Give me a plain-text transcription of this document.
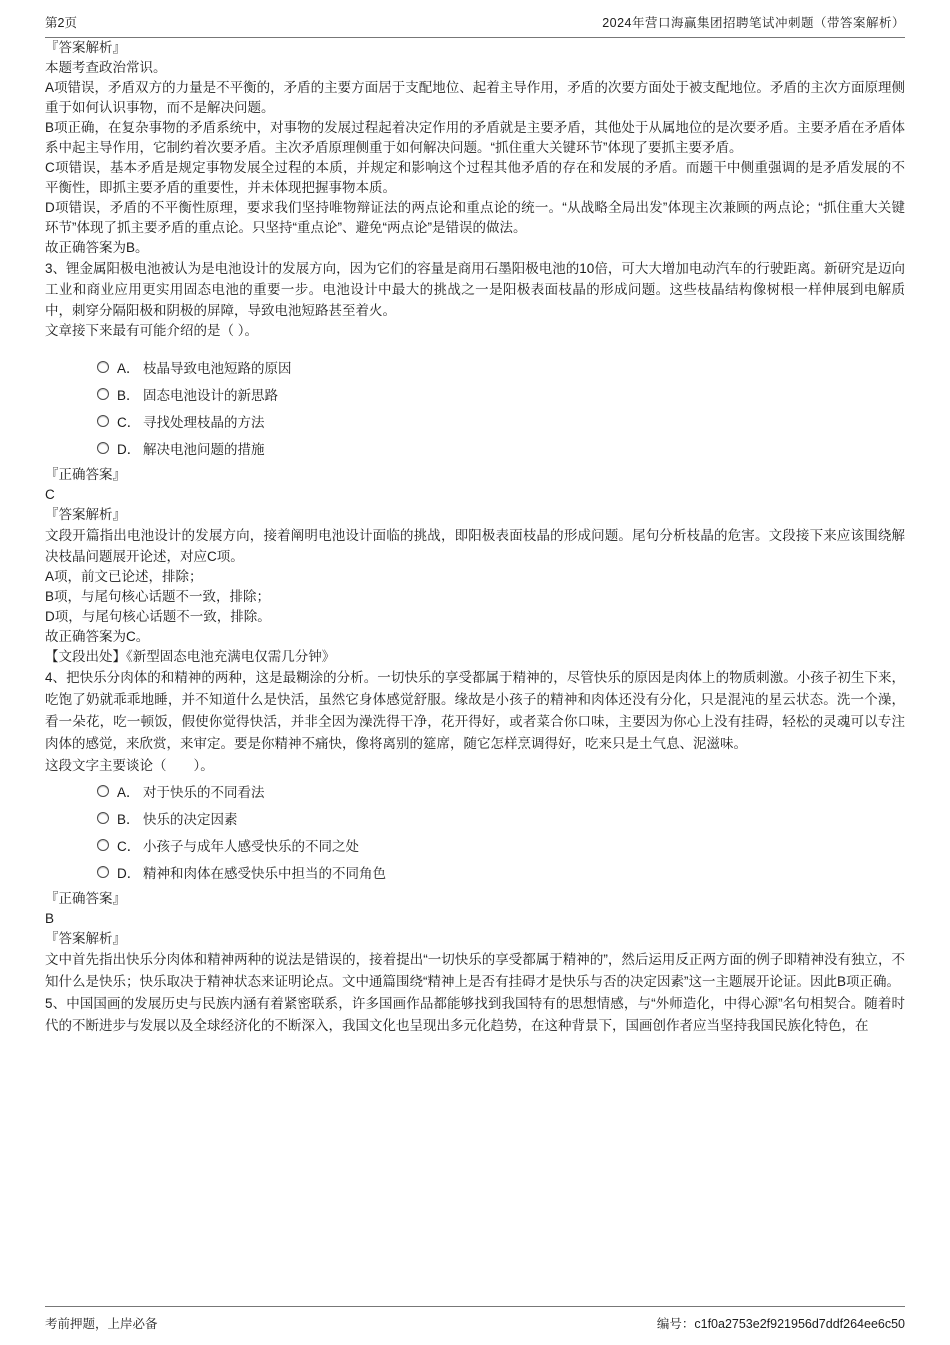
第2页	2024年营口海赢集团招聘笔试冲刺题（带答案解析）

『答案解析』

本题考查政治常识。

A项错误，矛盾双方的力量是不平衡的，矛盾的主要方面居于支配地位、起着主导作用，矛盾的次要方面处于被支配地位。矛盾的主次方面原理侧重于如何认识事物，而不是解决问题。

B项正确，在复杂事物的矛盾系统中，对事物的发展过程起着决定作用的矛盾就是主要矛盾，其他处于从属地位的是次要矛盾。主要矛盾在矛盾体系中起主导作用，它制约着次要矛盾。主次矛盾原理侧重于如何解决问题。“抓住重大关键环节”体现了要抓主要矛盾。

C项错误，基本矛盾是规定事物发展全过程的本质，并规定和影响这个过程其他矛盾的存在和发展的矛盾。而题干中侧重强调的是矛盾发展的不平衡性，即抓主要矛盾的重要性，并未体现把握事物本质。

D项错误，矛盾的不平衡性原理，要求我们坚持唯物辩证法的两点论和重点论的统一。“从战略全局出发”体现主次兼顾的两点论；“抓住重大关键环节”体现了抓主要矛盾的重点论。只坚持“重点论”、避免“两点论”是错误的做法。

故正确答案为B。

3、锂金属阳极电池被认为是电池设计的发展方向，因为它们的容量是商用石墨阳极电池的10倍，可大大增加电动汽车的行驶距离。新研究是迈向工业和商业应用更实用固态电池的重要一步。电池设计中最大的挑战之一是阳极表面枝晶的形成问题。这些枝晶结构像树根一样伸展到电解质中，刺穿分隔阳极和阴极的屏障，导致电池短路甚至着火。

文章接下来最有可能介绍的是（ ）。

A． 枝晶导致电池短路的原因
B． 固态电池设计的新思路
C． 寻找处理枝晶的方法
D． 解决电池问题的措施
『正确答案』
C
『答案解析』

文段开篇指出电池设计的发展方向，接着阐明电池设计面临的挑战，即阳极表面枝晶的形成问题。尾句分析枝晶的危害。文段接下来应该围绕解决枝晶问题展开论述，对应C项。

A项，前文已论述，排除；

B项，与尾句核心话题不一致，排除；

D项，与尾句核心话题不一致，排除。

故正确答案为C。

【文段出处】《新型固态电池充满电仅需几分钟》

4、把快乐分肉体的和精神的两种，这是最糊涂的分析。一切快乐的享受都属于精神的，尽管快乐的原因是肉体上的物质刺激。小孩子初生下来，吃饱了奶就乖乖地睡，并不知道什么是快活，虽然它身体感觉舒服。缘故是小孩子的精神和肉体还没有分化，只是混沌的星云状态。洗一个澡，看一朵花，吃一顿饭，假使你觉得快活，并非全因为澡洗得干净，花开得好，或者菜合你口味，主要因为你心上没有挂碍，轻松的灵魂可以专注肉体的感觉，来欣赏，来审定。要是你精神不痛快，像将离别的筵席，随它怎样烹调得好，吃来只是土气息、泥滋味。

这段文字主要谈论（　　）。

A． 对于快乐的不同看法
B． 快乐的决定因素
C． 小孩子与成年人感受快乐的不同之处
D． 精神和肉体在感受快乐中担当的不同角色
『正确答案』
B
『答案解析』

文中首先指出快乐分肉体和精神两种的说法是错误的，接着提出“一切快乐的享受都属于精神的”，然后运用反正两方面的例子即精神没有独立，不知什么是快乐；快乐取决于精神状态来证明论点。文中通篇围绕“精神上是否有挂碍才是快乐与否的决定因素”这一主题展开论证。因此B项正确。

5、中国国画的发展历史与民族内涵有着紧密联系，许多国画作品都能够找到我国特有的思想情感，与“外师造化，中得心源”名句相契合。随着时代的不断进步与发展以及全球经济化的不断深入，我国文化也呈现出多元化趋势，在这种背景下，国画创作者应当坚持我国民族化特色，在

考前押题，上岸必备	编号：c1f0a2753e2f921956d7ddf264ee6c50
